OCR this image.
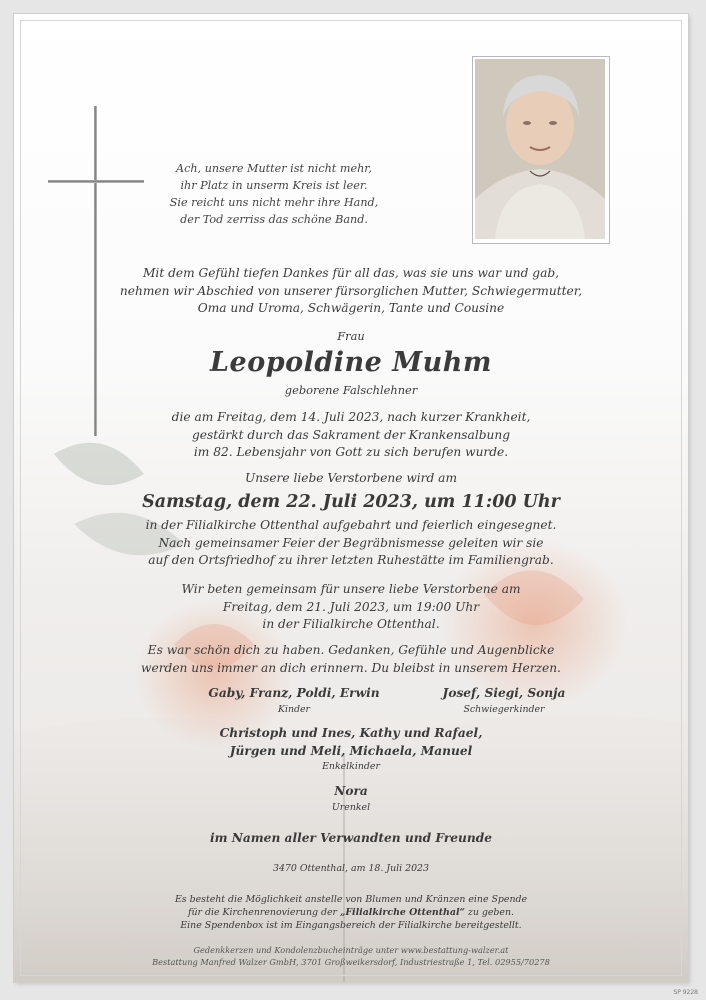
Ach, unsere Mutter ist nicht mehr,
ihr Platz in unserm Kreis ist leer.
Sie reicht uns nicht mehr ihre Hand,
der Tod zerriss das schöne Band.
Mit dem Gefühl tiefen Dankes für all das, was sie uns war und gab,
nehmen wir Abschied von unserer fürsorglichen Mutter, Schwiegermutter,
Oma und Uroma, Schwägerin, Tante und Cousine
Frau
Leopoldine Muhm
geborene Falschlehner
die am Freitag, dem 14. Juli 2023, nach kurzer Krankheit,
gestärkt durch das Sakrament der Krankensalbung
im 82. Lebensjahr von Gott zu sich berufen wurde.
Unsere liebe Verstorbene wird am
Samstag, dem 22. Juli 2023, um 11:00 Uhr
in der Filialkirche Ottenthal aufgebahrt und feierlich eingesegnet.
Nach gemeinsamer Feier der Begräbnismesse geleiten wir sie
auf den Ortsfriedhof zu ihrer letzten Ruhestätte im Familiengrab.
Wir beten gemeinsam für unsere liebe Verstorbene am
Freitag, dem 21. Juli 2023, um 19:00 Uhr
in der Filialkirche Ottenthal.
Es war schön dich zu haben. Gedanken, Gefühle und Augenblicke
werden uns immer an dich erinnern. Du bleibst in unserem Herzen.
Gaby, Franz, Poldi, Erwin
Kinder
Josef, Siegi, Sonja
Schwiegerkinder
Christoph und Ines, Kathy und Rafael,
Jürgen und Meli, Michaela, Manuel
Enkelkinder
Nora
Urenkel
im Namen aller Verwandten und Freunde
3470 Ottenthal, am 18. Juli 2023
Es besteht die Möglichkeit anstelle von Blumen und Kränzen eine Spende
für die Kirchenrenovierung der „Filialkirche Ottenthal“ zu geben.
Eine Spendenbox ist im Eingangsbereich der Filialkirche bereitgestellt.
Gedenkkerzen und Kondolenzbucheinträge unter www.bestattung-walzer.at
Bestattung Manfred Walzer GmbH, 3701 Großweikersdorf, Industriestraße 1, Tel. 02955/70278
SP 9228
